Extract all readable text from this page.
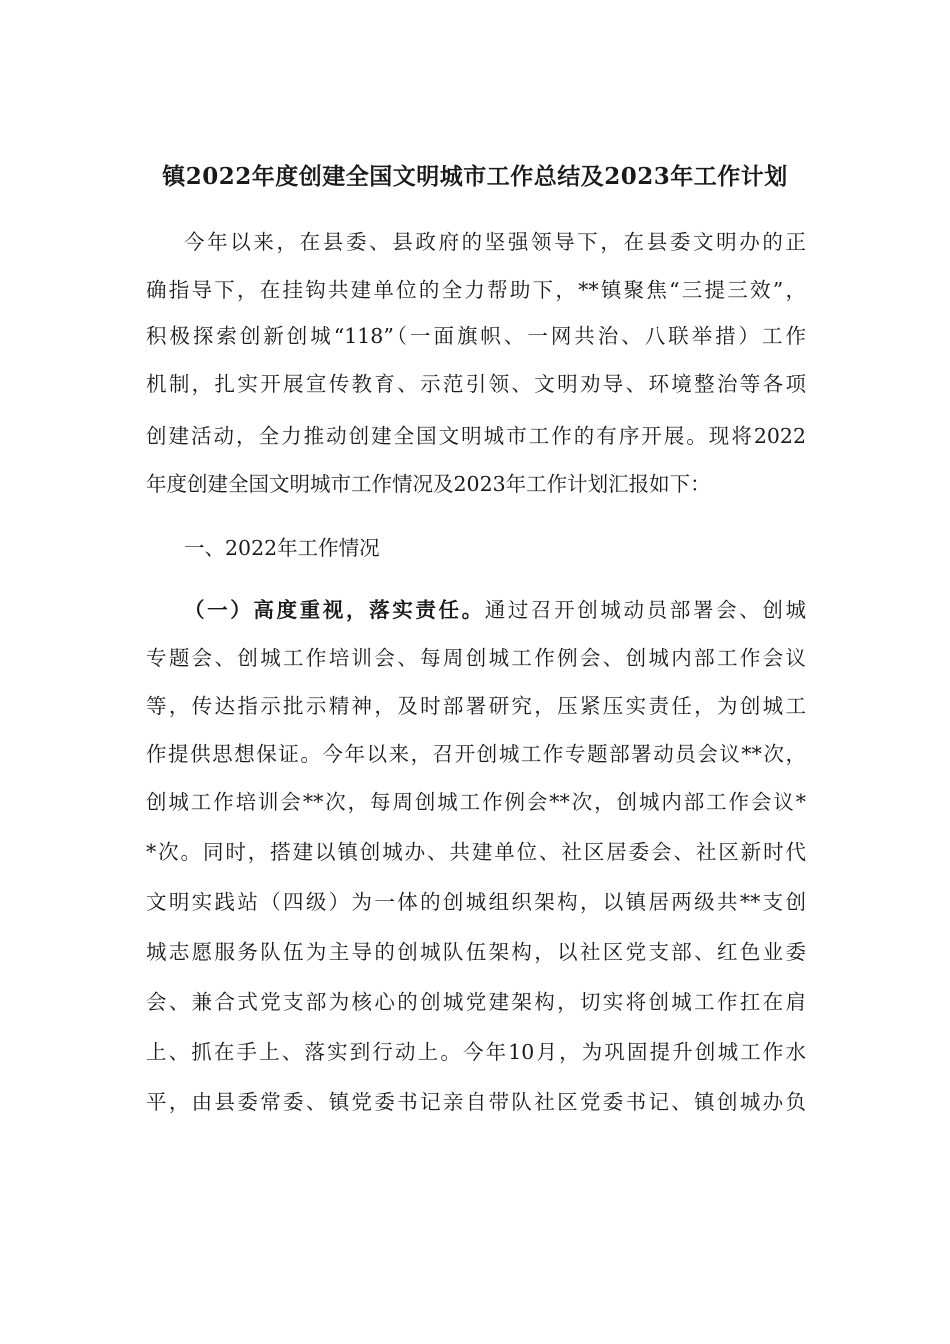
镇2022年度创建全国文明城市工作总结及2023年工作计划
今年以来，在县委、县政府的坚强领导下，在县委文明办的正
确指导下，在挂钩共建单位的全力帮助下，**镇聚焦“三提三效”，
积极探索创新创城“118”（一面旗帜、一网共治、八联举措）工作
机制，扎实开展宣传教育、示范引领、文明劝导、环境整治等各项
创建活动，全力推动创建全国文明城市工作的有序开展。现将2022
年度创建全国文明城市工作情况及2023年工作计划汇报如下：
一、2022年工作情况
（一）高度重视，落实责任。通过召开创城动员部署会、创城
专题会、创城工作培训会、每周创城工作例会、创城内部工作会议
等，传达指示批示精神，及时部署研究，压紧压实责任，为创城工
作提供思想保证。今年以来，召开创城工作专题部署动员会议**次，
创城工作培训会**次，每周创城工作例会**次，创城内部工作会议*
*次。同时，搭建以镇创城办、共建单位、社区居委会、社区新时代
文明实践站（四级）为一体的创城组织架构，以镇居两级共**支创
城志愿服务队伍为主导的创城队伍架构，以社区党支部、红色业委
会、兼合式党支部为核心的创城党建架构，切实将创城工作扛在肩
上、抓在手上、落实到行动上。今年10月，为巩固提升创城工作水
平，由县委常委、镇党委书记亲自带队社区党委书记、镇创城办负
